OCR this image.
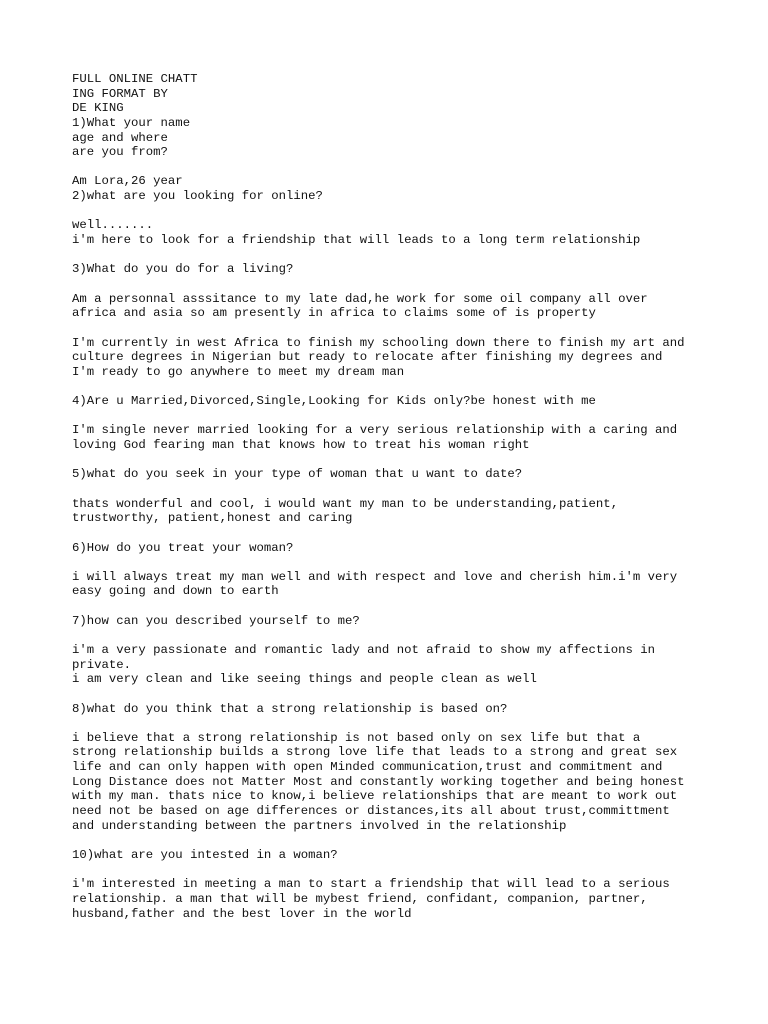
FULL ONLINE CHATT
ING FORMAT BY
DE KING
1)What your name
age and where
are you from?
Am Lora,26 year
2)what are you looking for online?
well.......
i'm here to look for a friendship that will leads to a long term relationship
3)What do you do for a living?
Am a personnal asssitance to my late dad,he work for some oil company all over
africa and asia so am presently in africa to claims some of is property
I'm currently in west Africa to finish my schooling down there to finish my art and
culture degrees in Nigerian but ready to relocate after finishing my degrees and
I'm ready to go anywhere to meet my dream man
4)Are u Married,Divorced,Single,Looking for Kids only?be honest with me
I'm single never married looking for a very serious relationship with a caring and
loving God fearing man that knows how to treat his woman right
5)what do you seek in your type of woman that u want to date?
thats wonderful and cool, i would want my man to be understanding,patient,
trustworthy, patient,honest and caring
6)How do you treat your woman?
i will always treat my man well and with respect and love and cherish him.i'm very
easy going and down to earth
7)how can you described yourself to me?
i'm a very passionate and romantic lady and not afraid to show my affections in
private.
i am very clean and like seeing things and people clean as well
8)what do you think that a strong relationship is based on?
i believe that a strong relationship is not based only on sex life but that a
strong relationship builds a strong love life that leads to a strong and great sex
life and can only happen with open Minded communication,trust and commitment and
Long Distance does not Matter Most and constantly working together and being honest
with my man. thats nice to know,i believe relationships that are meant to work out
need not be based on age differences or distances,its all about trust,committment
and understanding between the partners involved in the relationship
10)what are you intested in a woman?
i'm interested in meeting a man to start a friendship that will lead to a serious
relationship. a man that will be mybest friend, confidant, companion, partner,
husband,father and the best lover in the world
